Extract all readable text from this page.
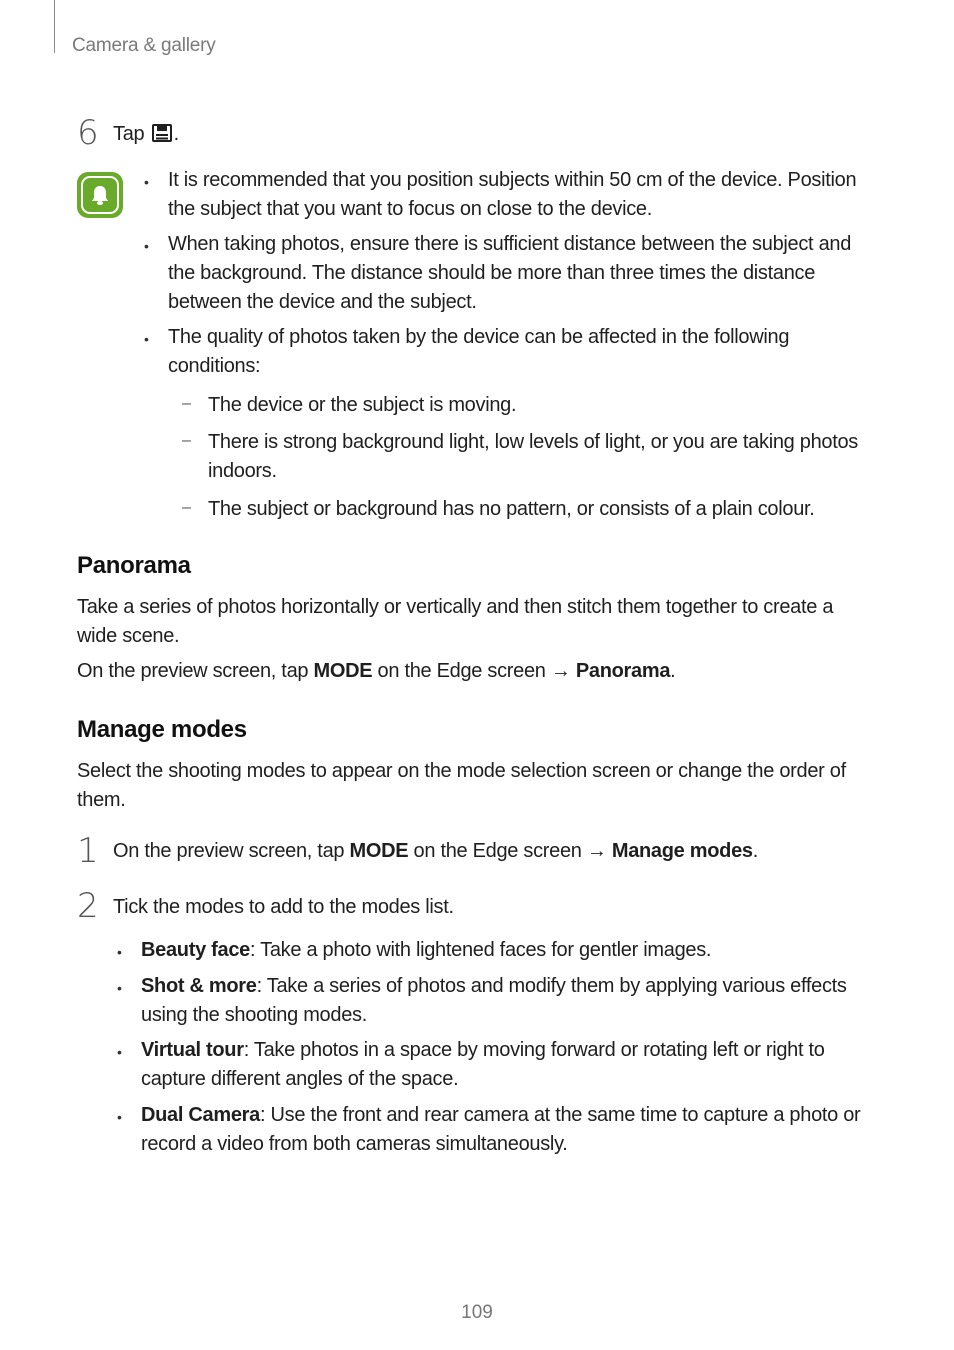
Camera & gallery
6 Tap .
• It is recommended that you position subjects within 50 cm of the device. Position the subject that you want to focus on close to the device.
• When taking photos, ensure there is sufficient distance between the subject and the background. The distance should be more than three times the distance between the device and the subject.
• The quality of photos taken by the device can be affected in the following conditions:
– The device or the subject is moving.
– There is strong background light, low levels of light, or you are taking photos indoors.
– The subject or background has no pattern, or consists of a plain colour.
Panorama
Take a series of photos horizontally or vertically and then stitch them together to create a wide scene.
On the preview screen, tap MODE on the Edge screen → Panorama.
Manage modes
Select the shooting modes to appear on the mode selection screen or change the order of them.
1 On the preview screen, tap MODE on the Edge screen → Manage modes.
2 Tick the modes to add to the modes list.
• Beauty face: Take a photo with lightened faces for gentler images.
• Shot & more: Take a series of photos and modify them by applying various effects using the shooting modes.
• Virtual tour: Take photos in a space by moving forward or rotating left or right to capture different angles of the space.
• Dual Camera: Use the front and rear camera at the same time to capture a photo or record a video from both cameras simultaneously.
109
